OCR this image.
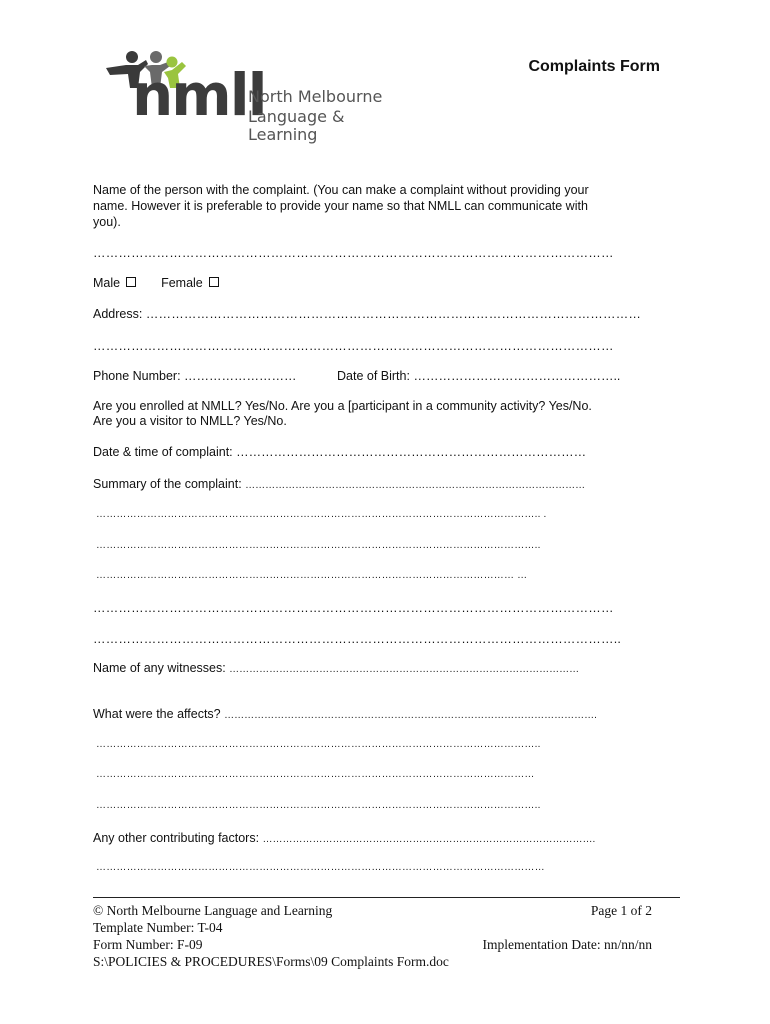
nmll
North Melbourne
Language & Learning
Complaints Form
Name of the person with the complaint. (You can make a complaint without providing your
name. However it is preferable to provide your name so that NMLL can communicate with
you).
……………………………………………………………………………………………………………
Male	Female
Address: ………………………………………………………………………………………………………
……………………………………………………………………………………………………………
Phone Number: ………………………	Date of Birth: …………………………………………..
Are you enrolled at NMLL? Yes/No. Are you a [participant in a community activity? Yes/No.
Are you a visitor to NMLL? Yes/No.
Date & time of complaint: …………………………………………………………………………
Summary of the complaint: …………………………………………………………………………………………
………………………………………………………………………………………………………………….. .
…………………………………………………………………………………………………………………..
…………………………………………………………………………………………………………… …
……………………………………………………………………………………………………………
……………………………………………………………………………………………………………..
Name of any witnesses: ……………………………………………………………………………………………
What were the affects? ………………………………………………………………………………………………….
…………………………………………………………………………………………………………………..
…………………………………………………………………………………………………………………
…………………………………………………………………………………………………………………..
Any other contributing factors: ……………………………………………………………………………………….
……………………………………………………………………………………………………………………
© North Melbourne Language and Learning	Page 1 of 2
Template Number: T-04
Form Number: F-09	Implementation Date: nn/nn/nn
S:\POLICIES & PROCEDURES\Forms\09 Complaints Form.doc
